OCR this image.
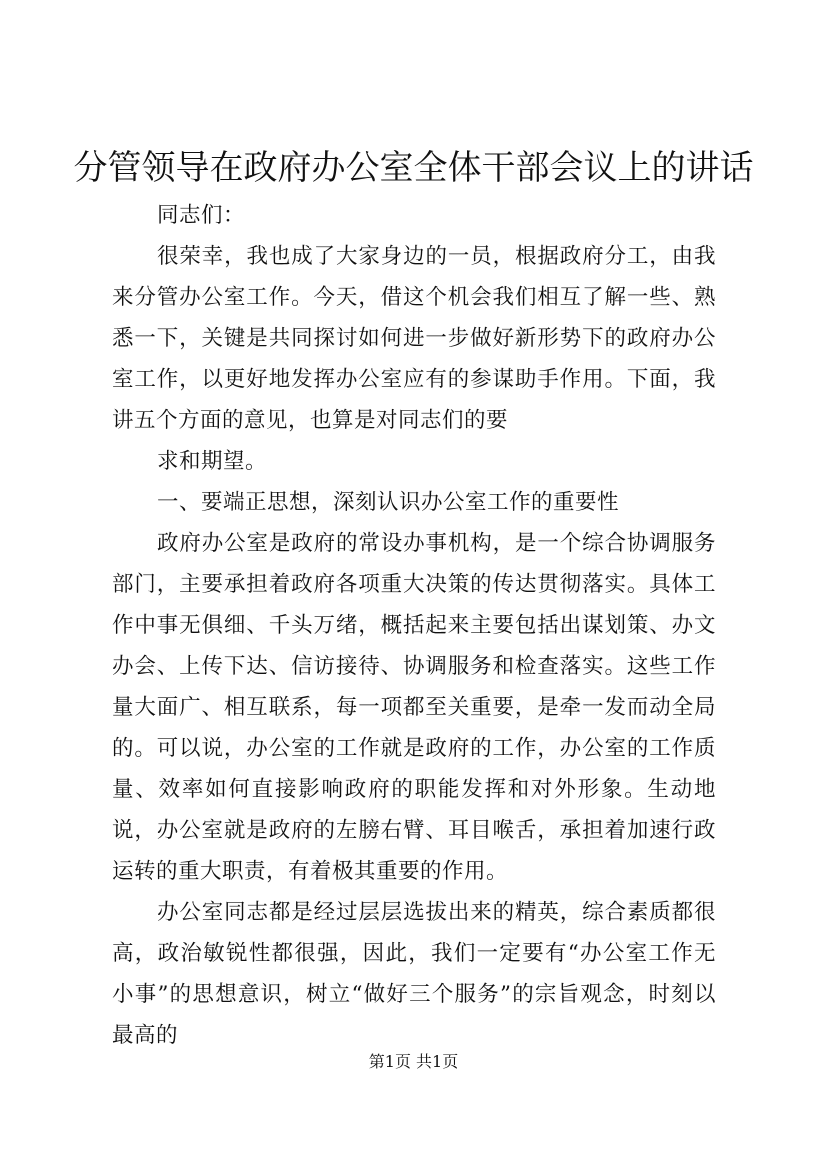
分管领导在政府办公室全体干部会议上的讲话

同志们：

很荣幸，我也成了大家身边的一员，根据政府分工，由我来分管办公室工作。今天，借这个机会我们相互了解一些、熟悉一下，关键是共同探讨如何进一步做好新形势下的政府办公室工作，以更好地发挥办公室应有的参谋助手作用。下面，我讲五个方面的意见，也算是对同志们的要

求和期望。

一、要端正思想，深刻认识办公室工作的重要性

政府办公室是政府的常设办事机构，是一个综合协调服务部门，主要承担着政府各项重大决策的传达贯彻落实。具体工作中事无俱细、千头万绪，概括起来主要包括出谋划策、办文办会、上传下达、信访接待、协调服务和检查落实。这些工作量大面广、相互联系，每一项都至关重要，是牵一发而动全局的。可以说，办公室的工作就是政府的工作，办公室的工作质量、效率如何直接影响政府的职能发挥和对外形象。生动地说，办公室就是政府的左膀右臂、耳目喉舌，承担着加速行政运转的重大职责，有着极其重要的作用。

办公室同志都是经过层层选拔出来的精英，综合素质都很高，政治敏锐性都很强，因此，我们一定要有“办公室工作无小事”的思想意识，树立“做好三个服务”的宗旨观念，时刻以最高的

第1页 共1页
